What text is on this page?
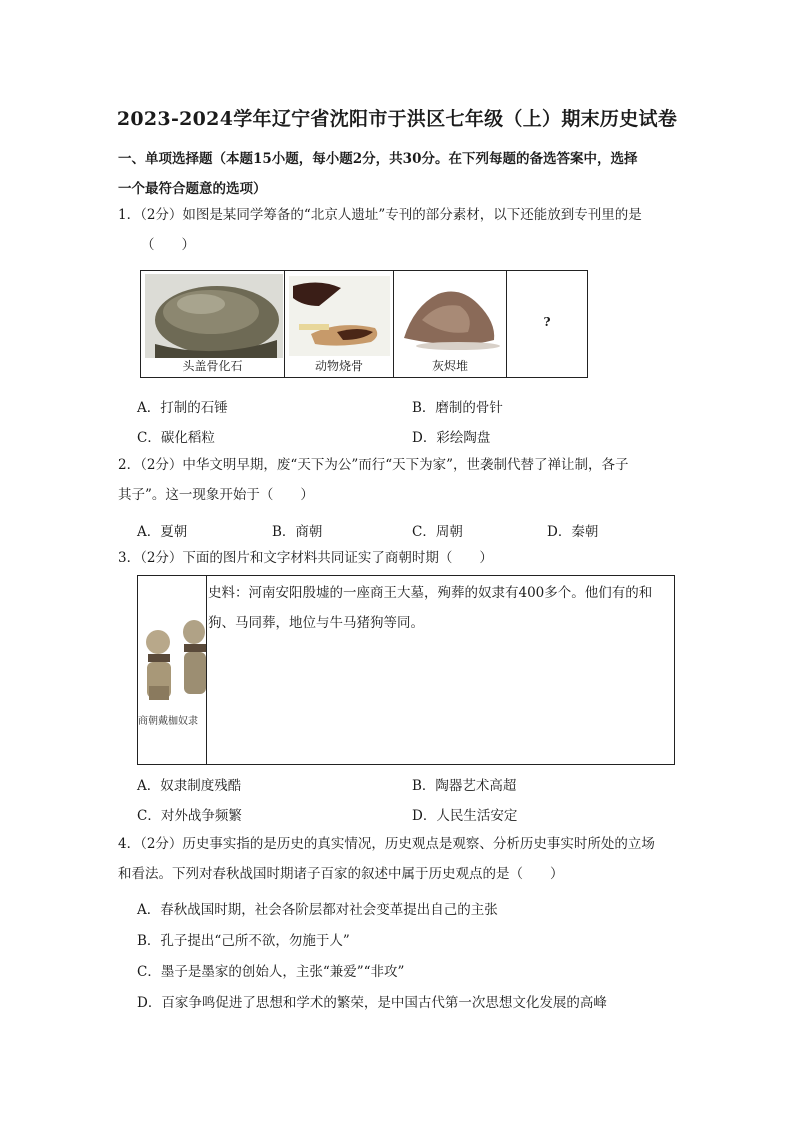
2023-2024学年辽宁省沈阳市于洪区七年级（上）期末历史试卷
一、单项选择题（本题15小题，每小题2分，共30分。在下列每题的备选答案中，选择
一个最符合题意的选项）
1．（2分）如图是某同学筹备的“北京人遗址”专刊的部分素材，以下还能放到专刊里的是
（　　）
头盖骨化石	动物烧骨	灰烬堆
?
A．打制的石锤	B．磨制的骨针
C．碳化稻粒	D．彩绘陶盘
2．（2分）中华文明早期，废“天下为公”而行“天下为家”，世袭制代替了禅让制，各子
其子”。这一现象开始于（　　）
A．夏朝	B．商朝	C．周朝	D．秦朝
3．（2分）下面的图片和文字材料共同证实了商朝时期（　　）
商朝戴枷奴隶
史料：河南安阳殷墟的一座商王大墓，殉葬的奴隶有400多个。他们有的和
狗、马同葬，地位与牛马猪狗等同。
A．奴隶制度残酷	B．陶器艺术高超
C．对外战争频繁	D．人民生活安定
4．（2分）历史事实指的是历史的真实情况，历史观点是观察、分析历史事实时所处的立场
和看法。下列对春秋战国时期诸子百家的叙述中属于历史观点的是（　　）
A．春秋战国时期，社会各阶层都对社会变革提出自己的主张
B．孔子提出“己所不欲，勿施于人”
C．墨子是墨家的创始人，主张“兼爱”“非攻”
D．百家争鸣促进了思想和学术的繁荣，是中国古代第一次思想文化发展的高峰
